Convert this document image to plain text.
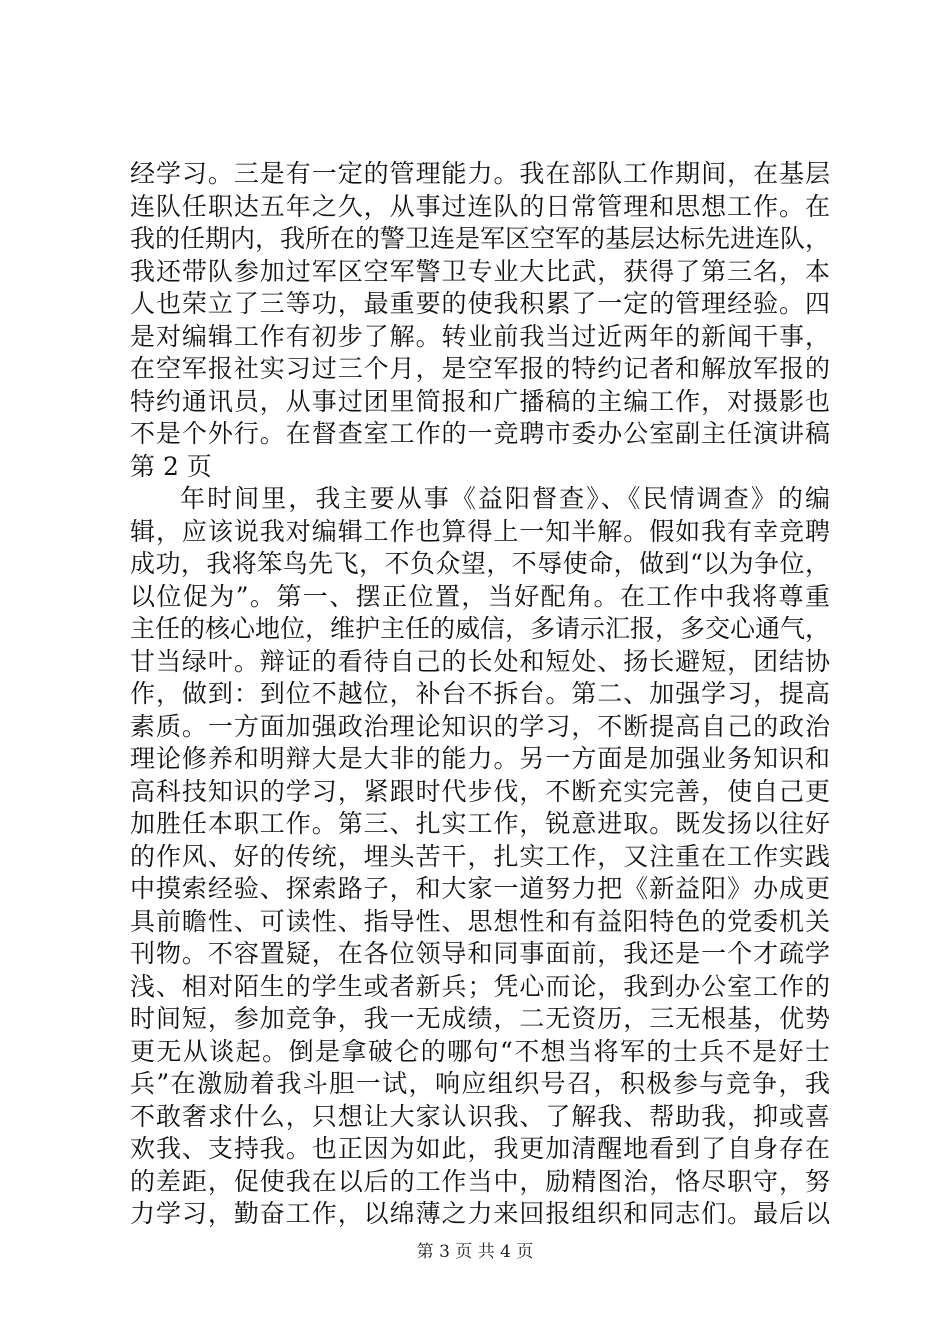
经学习。三是有一定的管理能力。我在部队工作期间，在基层
连队任职达五年之久，从事过连队的日常管理和思想工作。在
我的任期内，我所在的警卫连是军区空军的基层达标先进连队，
我还带队参加过军区空军警卫专业大比武，获得了第三名，本
人也荣立了三等功，最重要的使我积累了一定的管理经验。四
是对编辑工作有初步了解。转业前我当过近两年的新闻干事，
在空军报社实习过三个月，是空军报的特约记者和解放军报的
特约通讯员，从事过团里简报和广播稿的主编工作，对摄影也
不是个外行。在督查室工作的一竞聘市委办公室副主任演讲稿
第 2 页
年时间里，我主要从事《益阳督查》、《民情调查》的编
辑，应该说我对编辑工作也算得上一知半解。假如我有幸竞聘
成功，我将笨鸟先飞，不负众望，不辱使命，做到“以为争位，
以位促为”。第一、摆正位置，当好配角。在工作中我将尊重
主任的核心地位，维护主任的威信，多请示汇报，多交心通气，
甘当绿叶。辩证的看待自己的长处和短处、扬长避短，团结协
作，做到：到位不越位，补台不拆台。第二、加强学习，提高
素质。一方面加强政治理论知识的学习，不断提高自己的政治
理论修养和明辩大是大非的能力。另一方面是加强业务知识和
高科技知识的学习，紧跟时代步伐，不断充实完善，使自己更
加胜任本职工作。第三、扎实工作，锐意进取。既发扬以往好
的作风、好的传统，埋头苦干，扎实工作，又注重在工作实践
中摸索经验、探索路子，和大家一道努力把《新益阳》办成更
具前瞻性、可读性、指导性、思想性和有益阳特色的党委机关
刊物。不容置疑，在各位领导和同事面前，我还是一个才疏学
浅、相对陌生的学生或者新兵；凭心而论，我到办公室工作的
时间短，参加竞争，我一无成绩，二无资历，三无根基，优势
更无从谈起。倒是拿破仑的哪句“不想当将军的士兵不是好士
兵”在激励着我斗胆一试，响应组织号召，积极参与竞争，我
不敢奢求什么，只想让大家认识我、了解我、帮助我，抑或喜
欢我、支持我。也正因为如此，我更加清醒地看到了自身存在
的差距，促使我在以后的工作当中，励精图治，恪尽职守，努
力学习，勤奋工作，以绵薄之力来回报组织和同志们。最后以
第 3 页 共 4 页
